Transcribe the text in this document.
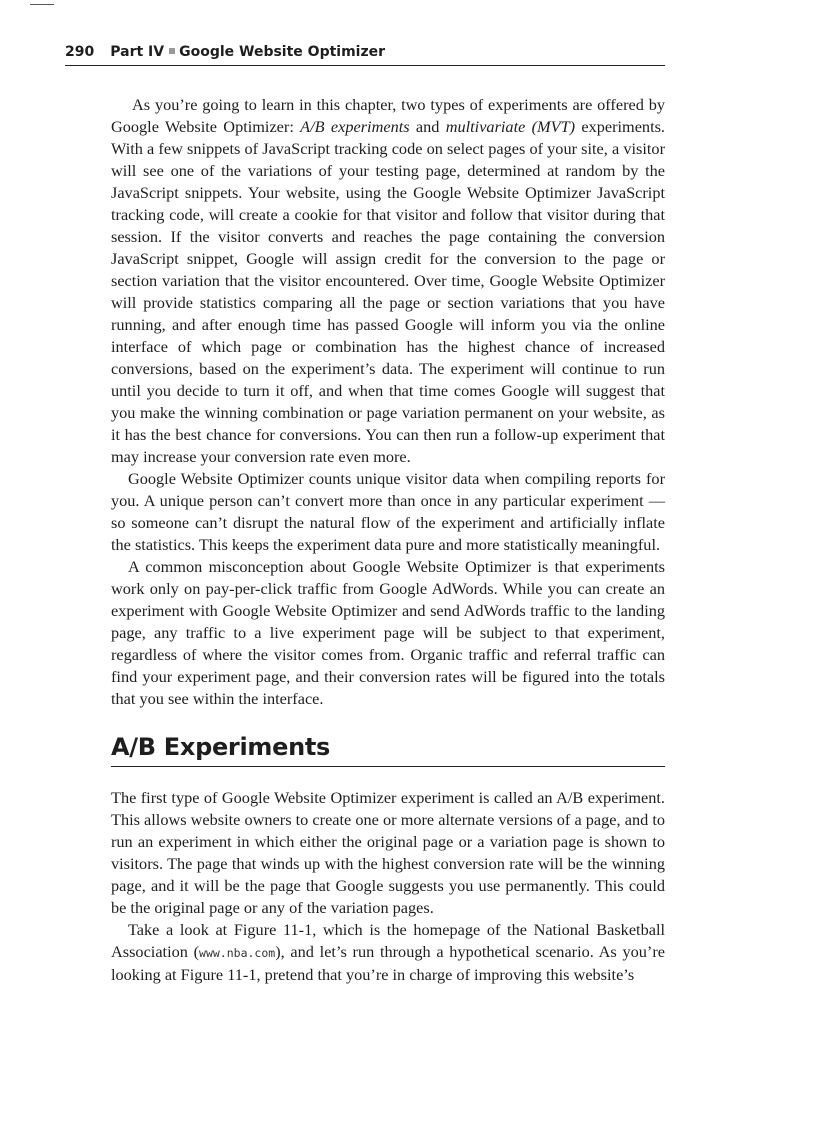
290 Part IV Google Website Optimizer

As you’re going to learn in this chapter, two types of experiments are offered by Google Website Optimizer: A/B experiments and multivariate (MVT) experiments. With a few snippets of JavaScript tracking code on select pages of your site, a visitor will see one of the variations of your testing page, determined at random by the JavaScript snippets. Your website, using the Google Website Optimizer JavaScript tracking code, will create a cookie for that visitor and follow that visitor during that session. If the visitor converts and reaches the page containing the conversion JavaScript snippet, Google will assign credit for the conversion to the page or section variation that the visitor encountered. Over time, Google Website Optimizer will provide statistics comparing all the page or section variations that you have running, and after enough time has passed Google will inform you via the online interface of which page or combination has the highest chance of increased conversions, based on the experiment’s data. The experiment will continue to run until you decide to turn it off, and when that time comes Google will suggest that you make the winning combination or page variation permanent on your website, as it has the best chance for conversions. You can then run a follow-up experiment that may increase your conversion rate even more.

Google Website Optimizer counts unique visitor data when compiling reports for you. A unique person can’t convert more than once in any particular experiment — so someone can’t disrupt the natural flow of the experiment and artificially inflate the statistics. This keeps the experiment data pure and more statistically meaningful.

A common misconception about Google Website Optimizer is that experiments work only on pay-per-click traffic from Google AdWords. While you can create an experiment with Google Website Optimizer and send AdWords traffic to the landing page, any traffic to a live experiment page will be subject to that experiment, regardless of where the visitor comes from. Organic traffic and referral traffic can find your experiment page, and their conversion rates will be figured into the totals that you see within the interface.

A/B Experiments

The first type of Google Website Optimizer experiment is called an A/B experiment. This allows website owners to create one or more alternate versions of a page, and to run an experiment in which either the original page or a variation page is shown to visitors. The page that winds up with the highest conversion rate will be the winning page, and it will be the page that Google suggests you use permanently. This could be the original page or any of the variation pages.

Take a look at Figure 11-1, which is the homepage of the National Basketball Association (www.nba.com), and let’s run through a hypothetical scenario. As you’re looking at Figure 11-1, pretend that you’re in charge of improving this website’s
